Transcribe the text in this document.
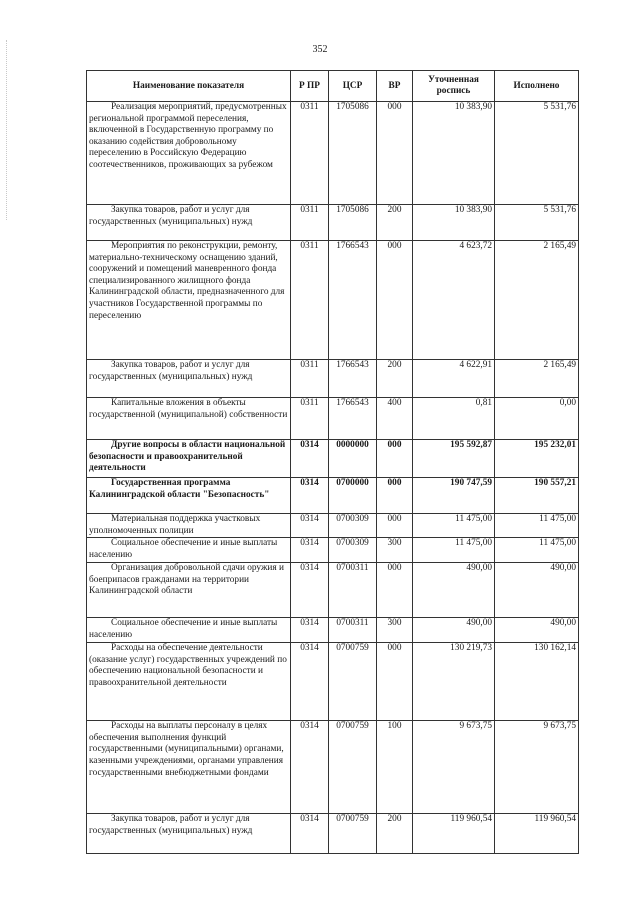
352
Наименование показателя	Р ПР	ЦСР	ВР	Уточненная роспись	Исполнено
Реализация мероприятий, предусмотренных региональной программой переселения, включенной в Государственную программу по оказанию содействия добровольному переселению в Российскую Федерацию соотечественников, проживающих за рубежом	0311	1705086	000	10 383,90	5 531,76
Закупка товаров, работ и услуг для государственных (муниципальных) нужд	0311	1705086	200	10 383,90	5 531,76
Мероприятия по реконструкции, ремонту, материально-техническому оснащению зданий, сооружений и помещений маневренного фонда специализированного жилищного фонда Калининградской области, предназначенного для участников Государственной программы по переселению	0311	1766543	000	4 623,72	2 165,49
Закупка товаров, работ и услуг для государственных (муниципальных) нужд	0311	1766543	200	4 622,91	2 165,49
Капитальные вложения в объекты государственной (муниципальной) собственности	0311	1766543	400	0,81	0,00
Другие вопросы в области национальной безопасности и правоохранительной деятельности	0314	0000000	000	195 592,87	195 232,01
Государственная программа Калининградской области "Безопасность"	0314	0700000	000	190 747,59	190 557,21
Материальная поддержка участковых уполномоченных полиции	0314	0700309	000	11 475,00	11 475,00
Социальное обеспечение и иные выплаты населению	0314	0700309	300	11 475,00	11 475,00
Организация добровольной сдачи оружия и боеприпасов гражданами на территории Калининградской области	0314	0700311	000	490,00	490,00
Социальное обеспечение и иные выплаты населению	0314	0700311	300	490,00	490,00
Расходы на обеспечение деятельности (оказание услуг) государственных учреждений по обеспечению национальной безопасности и правоохранительной деятельности	0314	0700759	000	130 219,73	130 162,14
Расходы на выплаты персоналу в целях обеспечения выполнения функций государственными (муниципальными) органами, казенными учреждениями, органами управления государственными внебюджетными фондами	0314	0700759	100	9 673,75	9 673,75
Закупка товаров, работ и услуг для государственных (муниципальных) нужд	0314	0700759	200	119 960,54	119 960,54
